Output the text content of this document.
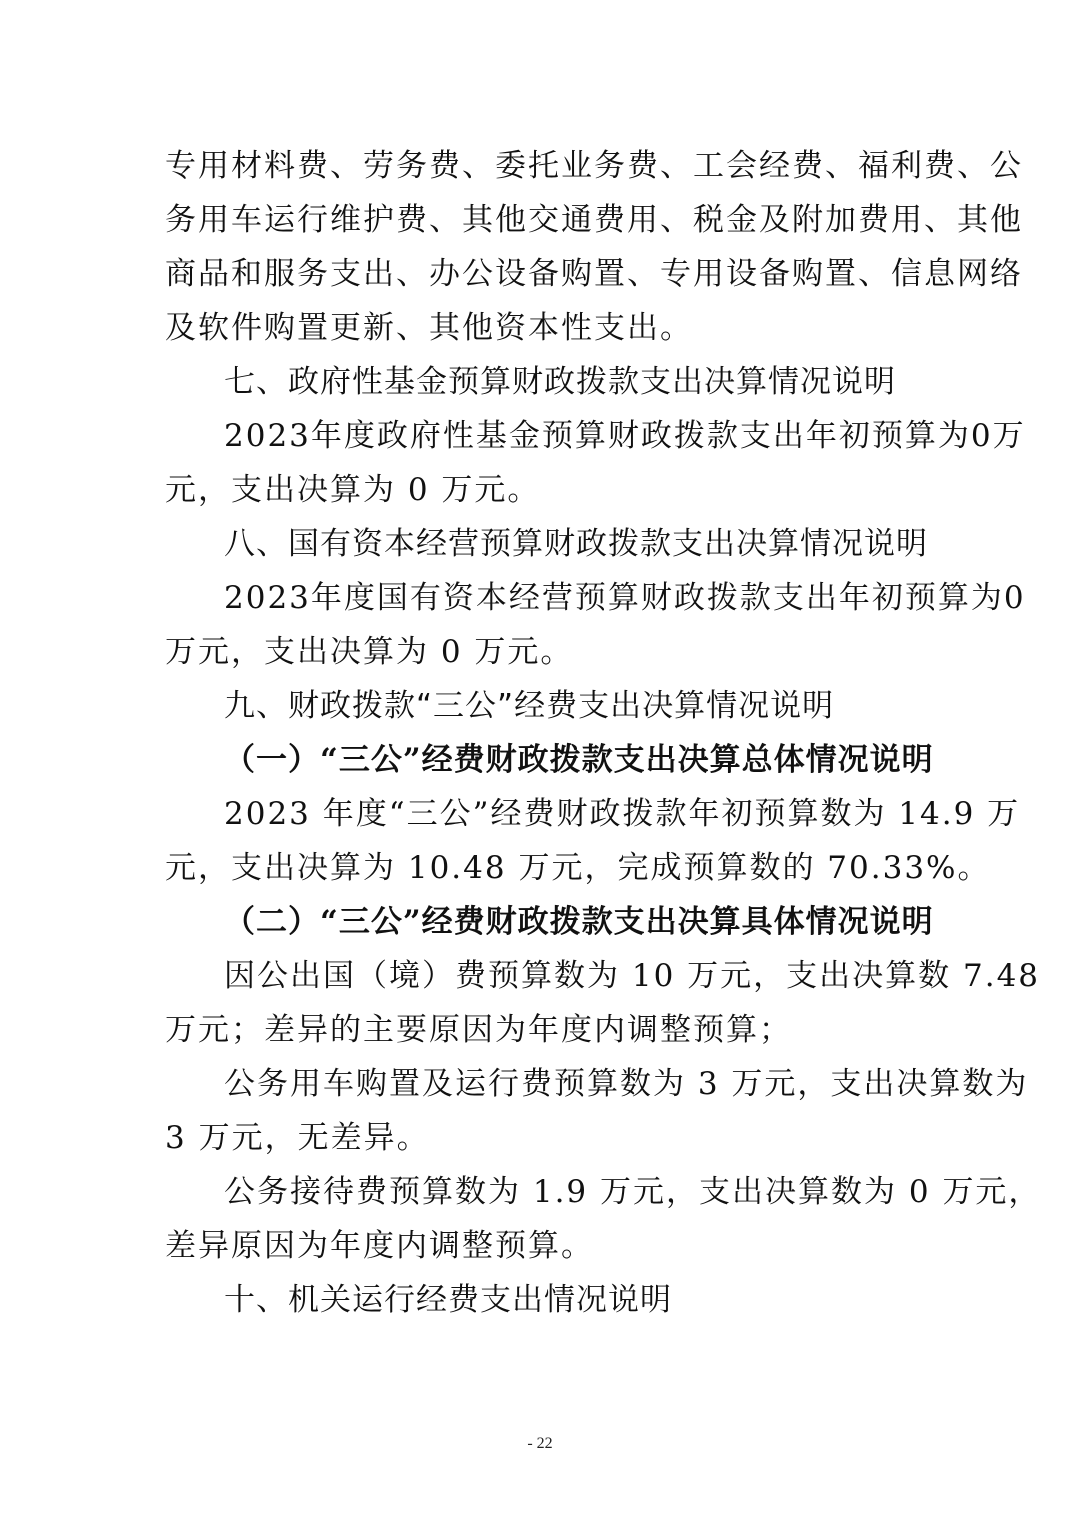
专用材料费、劳务费、委托业务费、工会经费、福利费、公
务用车运行维护费、其他交通费用、税金及附加费用、其他
商品和服务支出、办公设备购置、专用设备购置、信息网络
及软件购置更新、其他资本性支出。
七、政府性基金预算财政拨款支出决算情况说明
2023年度政府性基金预算财政拨款支出年初预算为0万
元，支出决算为 0 万元。
八、国有资本经营预算财政拨款支出决算情况说明
2023年度国有资本经营预算财政拨款支出年初预算为0
万元，支出决算为 0 万元。
九、财政拨款“三公”经费支出决算情况说明
（一）“三公”经费财政拨款支出决算总体情况说明
2023 年度“三公”经费财政拨款年初预算数为 14.9 万
元，支出决算为 10.48 万元，完成预算数的 70.33%。
（二）“三公”经费财政拨款支出决算具体情况说明
因公出国（境）费预算数为 10 万元，支出决算数 7.48
万元；差异的主要原因为年度内调整预算；
公务用车购置及运行费预算数为 3 万元，支出决算数为
3 万元，无差异。
公务接待费预算数为 1.9 万元，支出决算数为 0 万元，
差异原因为年度内调整预算。
十、机关运行经费支出情况说明
- 22
